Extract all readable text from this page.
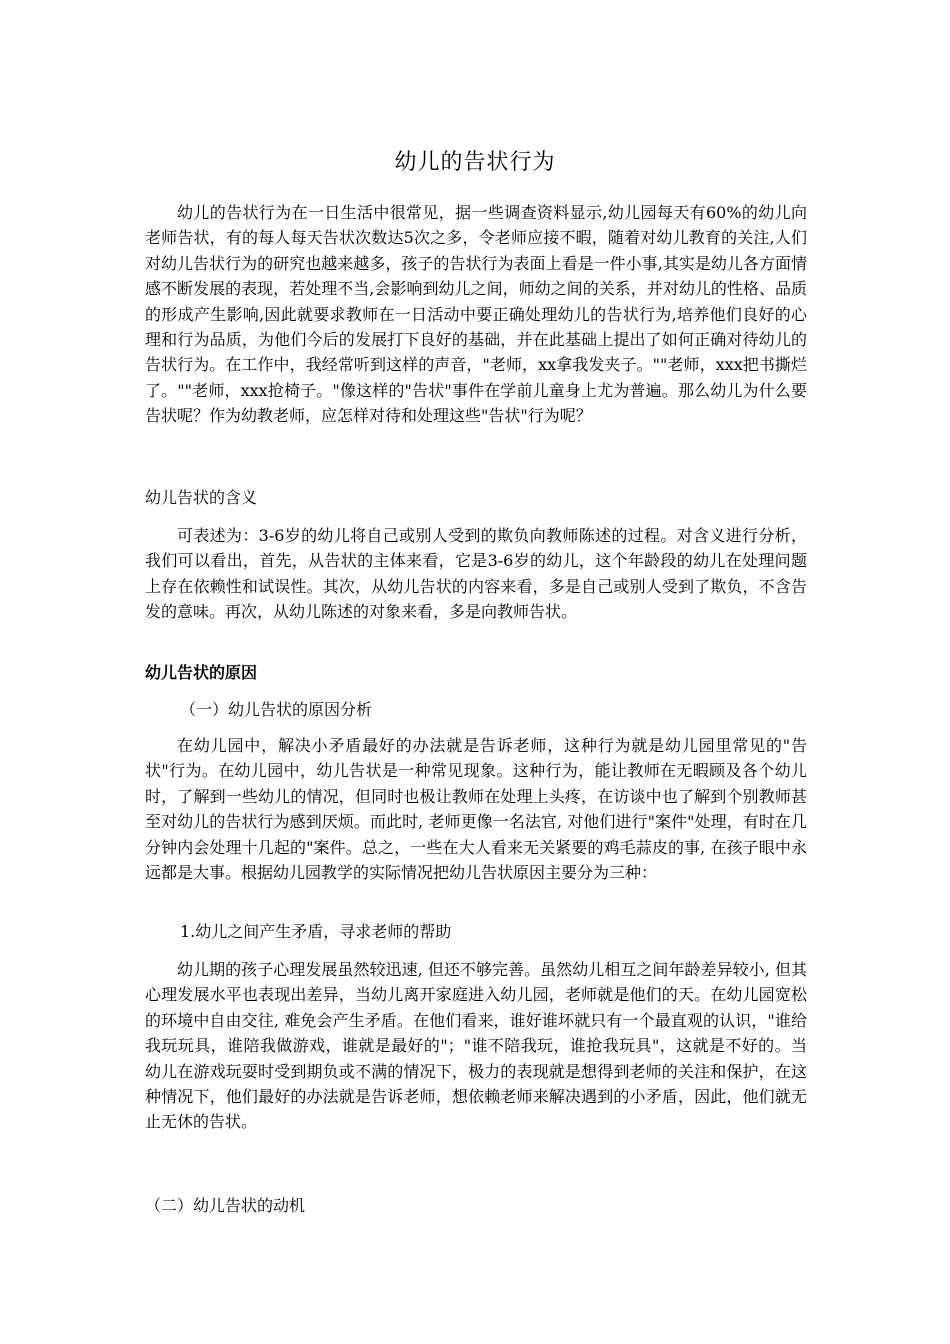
幼儿的告状行为

幼儿的告状行为在一日生活中很常见，据一些调查资料显示,幼儿园每天有60%的幼儿向老师告状，有的每人每天告状次数达5次之多，令老师应接不暇，随着对幼儿教育的关注,人们对幼儿告状行为的研究也越来越多，孩子的告状行为表面上看是一件小事,其实是幼儿各方面情感不断发展的表现，若处理不当,会影响到幼儿之间，师幼之间的关系，并对幼儿的性格、品质的形成产生影响,因此就要求教师在一日活动中要正确处理幼儿的告状行为,培养他们良好的心理和行为品质，为他们今后的发展打下良好的基础，并在此基础上提出了如何正确对待幼儿的告状行为。在工作中，我经常听到这样的声音，"老师，xx拿我发夹子。""老师，xxx把书撕烂了。""老师，xxx抢椅子。"像这样的"告状"事件在学前儿童身上尤为普遍。那么幼儿为什么要告状呢？作为幼教老师，应怎样对待和处理这些"告状"行为呢？

幼儿告状的含义

可表述为：3-6岁的幼儿将自己或别人受到的欺负向教师陈述的过程。对含义进行分析，我们可以看出，首先，从告状的主体来看，它是3-6岁的幼儿，这个年龄段的幼儿在处理问题上存在依赖性和试误性。其次，从幼儿告状的内容来看，多是自己或别人受到了欺负，不含告发的意味。再次，从幼儿陈述的对象来看，多是向教师告状。

幼儿告状的原因

（一）幼儿告状的原因分析

在幼儿园中，解决小矛盾最好的办法就是告诉老师，这种行为就是幼儿园里常见的"告状"行为。在幼儿园中，幼儿告状是一种常见现象。这种行为，能让教师在无暇顾及各个幼儿时，了解到一些幼儿的情况，但同时也极让教师在处理上头疼，在访谈中也了解到个别教师甚至对幼儿的告状行为感到厌烦。而此时, 老师更像一名法官, 对他们进行"案件"处理，有时在几分钟内会处理十几起的"案件。总之，一些在大人看来无关紧要的鸡毛蒜皮的事, 在孩子眼中永远都是大事。根据幼儿园教学的实际情况把幼儿告状原因主要分为三种：

1.幼儿之间产生矛盾，寻求老师的帮助

幼儿期的孩子心理发展虽然较迅速, 但还不够完善。虽然幼儿相互之间年龄差异较小, 但其心理发展水平也表现出差异，当幼儿离开家庭进入幼儿园，老师就是他们的天。在幼儿园宽松的环境中自由交往, 难免会产生矛盾。在他们看来，谁好谁坏就只有一个最直观的认识，"谁给我玩玩具，谁陪我做游戏，谁就是最好的"；"谁不陪我玩，谁抢我玩具"，这就是不好的。当幼儿在游戏玩耍时受到期负或不满的情况下，极力的表现就是想得到老师的关注和保护，在这种情况下，他们最好的办法就是告诉老师，想依赖老师来解决遇到的小矛盾，因此，他们就无止无休的告状。

（二）幼儿告状的动机
